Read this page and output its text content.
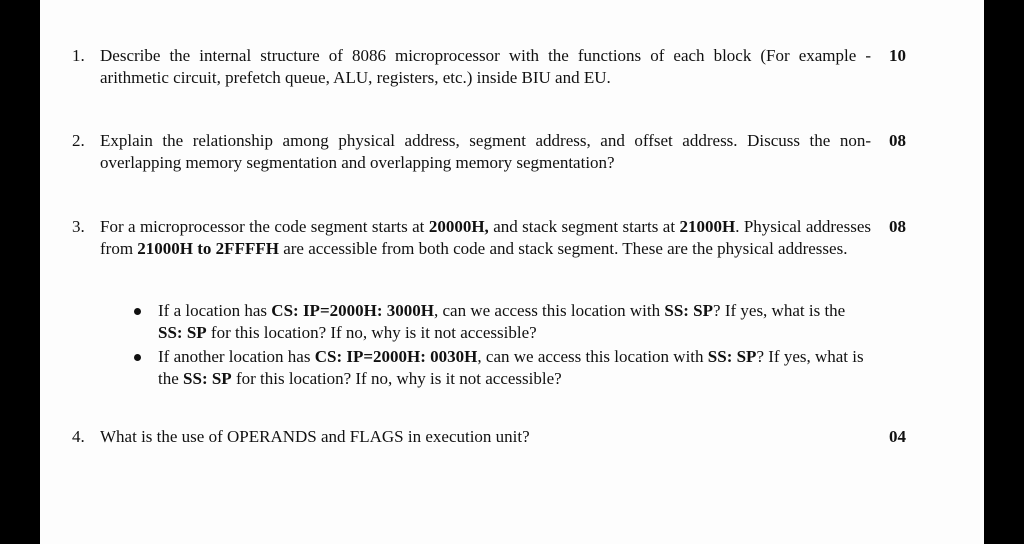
1. Describe the internal structure of 8086 microprocessor with the functions of each block (For example - arithmetic circuit, prefetch queue, ALU, registers, etc.) inside BIU and EU.
10
2. Explain the relationship among physical address, segment address, and offset address. Discuss the non-overlapping memory segmentation and overlapping memory segmentation?
08
3. For a microprocessor the code segment starts at 20000H, and stack segment starts at 21000H. Physical addresses from 21000H to 2FFFFH are accessible from both code and stack segment. These are the physical addresses.
08
If a location has CS: IP=2000H: 3000H, can we access this location with SS: SP? If yes, what is the SS: SP for this location? If no, why is it not accessible?
If another location has CS: IP=2000H: 0030H, can we access this location with SS: SP? If yes, what is the SS: SP for this location? If no, why is it not accessible?
4. What is the use of OPERANDS and FLAGS in execution unit?	04
